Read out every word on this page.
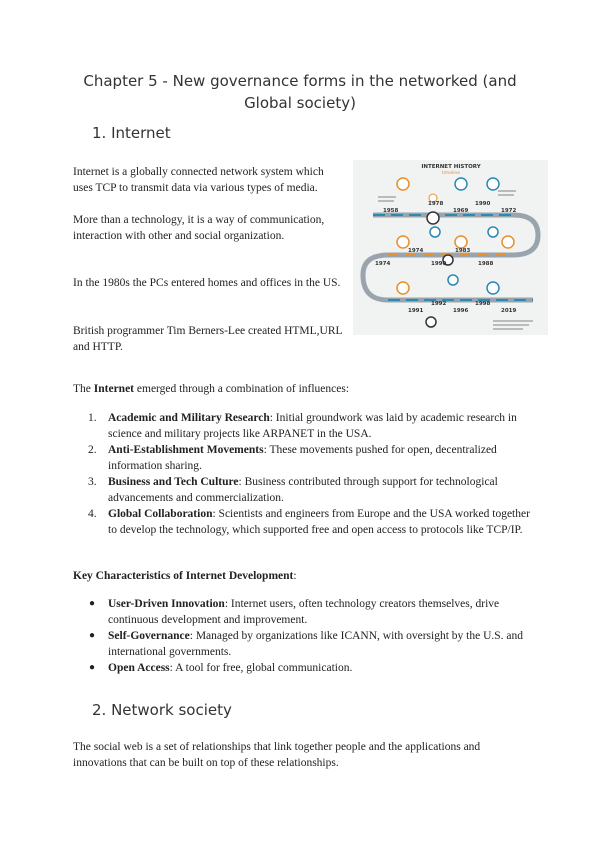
Chapter 5 - New governance forms in the networked (and Global society)
1. Internet
Internet is a globally connected network system which uses TCP to transmit data via various types of media.
More than a technology, it is a way of communication, interaction with other and social organization.
In the 1980s the PCs entered homes and offices in the US.
British programmer Tim Berners-Lee created HTML,URL and HTTP.
INTERNET HISTORY
timeline
1958
1978
1969
1990
1972
1974
1974
1990
1983
1988
1991
1992
1996
1998
2019
The Internet emerged through a combination of influences:
1. Academic and Military Research: Initial groundwork was laid by academic research in science and military projects like ARPANET in the USA.
2. Anti-Establishment Movements: These movements pushed for open, decentralized information sharing.
3. Business and Tech Culture: Business contributed through support for technological advancements and commercialization.
4. Global Collaboration: Scientists and engineers from Europe and the USA worked together to develop the technology, which supported free and open access to protocols like TCP/IP.
Key Characteristics of Internet Development:
● User-Driven Innovation: Internet users, often technology creators themselves, drive continuous development and improvement.
● Self-Governance: Managed by organizations like ICANN, with oversight by the U.S. and international governments.
● Open Access: A tool for free, global communication.
2. Network society
The social web is a set of relationships that link together people and the applications and innovations that can be built on top of these relationships.
